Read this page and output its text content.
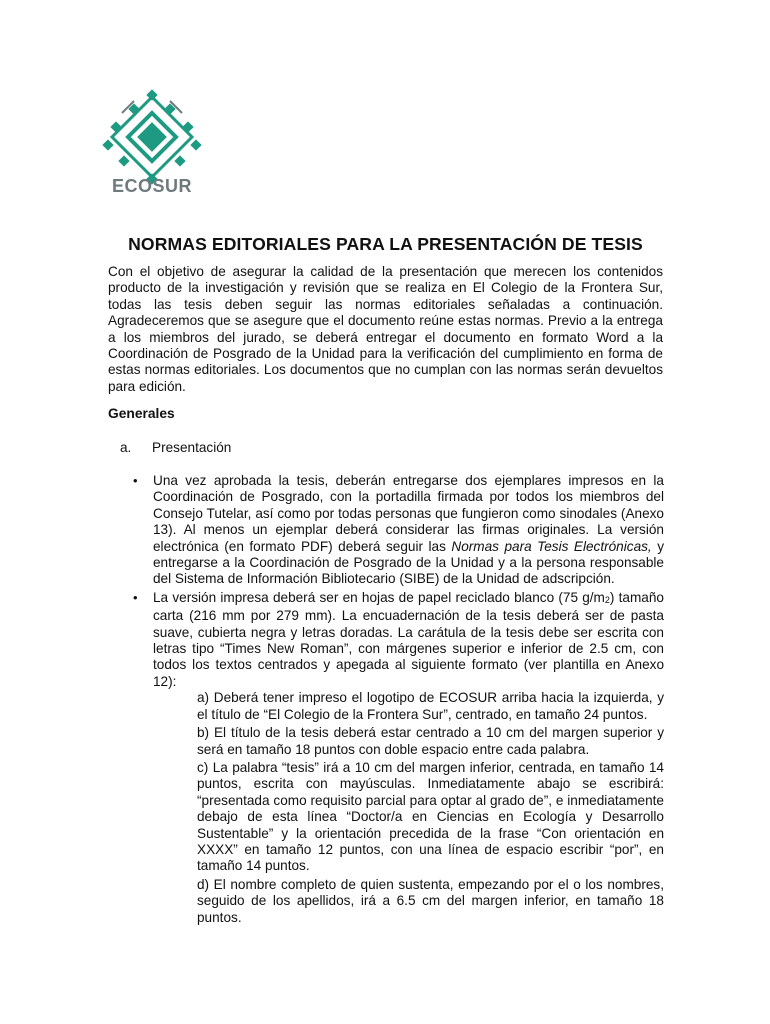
ECOSUR
NORMAS EDITORIALES PARA LA PRESENTACIÓN DE TESIS
Con el objetivo de asegurar la calidad de la presentación que merecen los contenidos producto de la investigación y revisión que se realiza en El Colegio de la Frontera Sur, todas las tesis deben seguir las normas editoriales señaladas a continuación. Agradeceremos que se asegure que el documento reúne estas normas. Previo a la entrega a los miembros del jurado, se deberá entregar el documento en formato Word a la Coordinación de Posgrado de la Unidad para la verificación del cumplimiento en forma de estas normas editoriales. Los documentos que no cumplan con las normas serán devueltos para edición.
Generales
a. Presentación
• Una vez aprobada la tesis, deberán entregarse dos ejemplares impresos en la Coordinación de Posgrado, con la portadilla firmada por todos los miembros del Consejo Tutelar, así como por todas personas que fungieron como sinodales (Anexo 13). Al menos un ejemplar deberá considerar las firmas originales. La versión electrónica (en formato PDF) deberá seguir las Normas para Tesis Electrónicas, y entregarse a la Coordinación de Posgrado de la Unidad y a la persona responsable del Sistema de Información Bibliotecario (SIBE) de la Unidad de adscripción.
• La versión impresa deberá ser en hojas de papel reciclado blanco (75 g/m2) tamaño carta (216 mm por 279 mm). La encuadernación de la tesis deberá ser de pasta suave, cubierta negra y letras doradas. La carátula de la tesis debe ser escrita con letras tipo “Times New Roman”, con márgenes superior e inferior de 2.5 cm, con todos los textos centrados y apegada al siguiente formato (ver plantilla en Anexo 12):

a) Deberá tener impreso el logotipo de ECOSUR arriba hacia la izquierda, y el título de “El Colegio de la Frontera Sur”, centrado, en tamaño 24 puntos.

b) El título de la tesis deberá estar centrado a 10 cm del margen superior y será en tamaño 18 puntos con doble espacio entre cada palabra.

c) La palabra “tesis” irá a 10 cm del margen inferior, centrada, en tamaño 14 puntos, escrita con mayúsculas. Inmediatamente abajo se escribirá: “presentada como requisito parcial para optar al grado de”, e inmediatamente debajo de esta línea “Doctor/a en Ciencias en Ecología y Desarrollo Sustentable” y la orientación precedida de la frase “Con orientación en XXXX” en tamaño 12 puntos, con una línea de espacio escribir “por”, en tamaño 14 puntos.

d) El nombre completo de quien sustenta, empezando por el o los nombres, seguido de los apellidos, irá a 6.5 cm del margen inferior, en tamaño 18 puntos.
